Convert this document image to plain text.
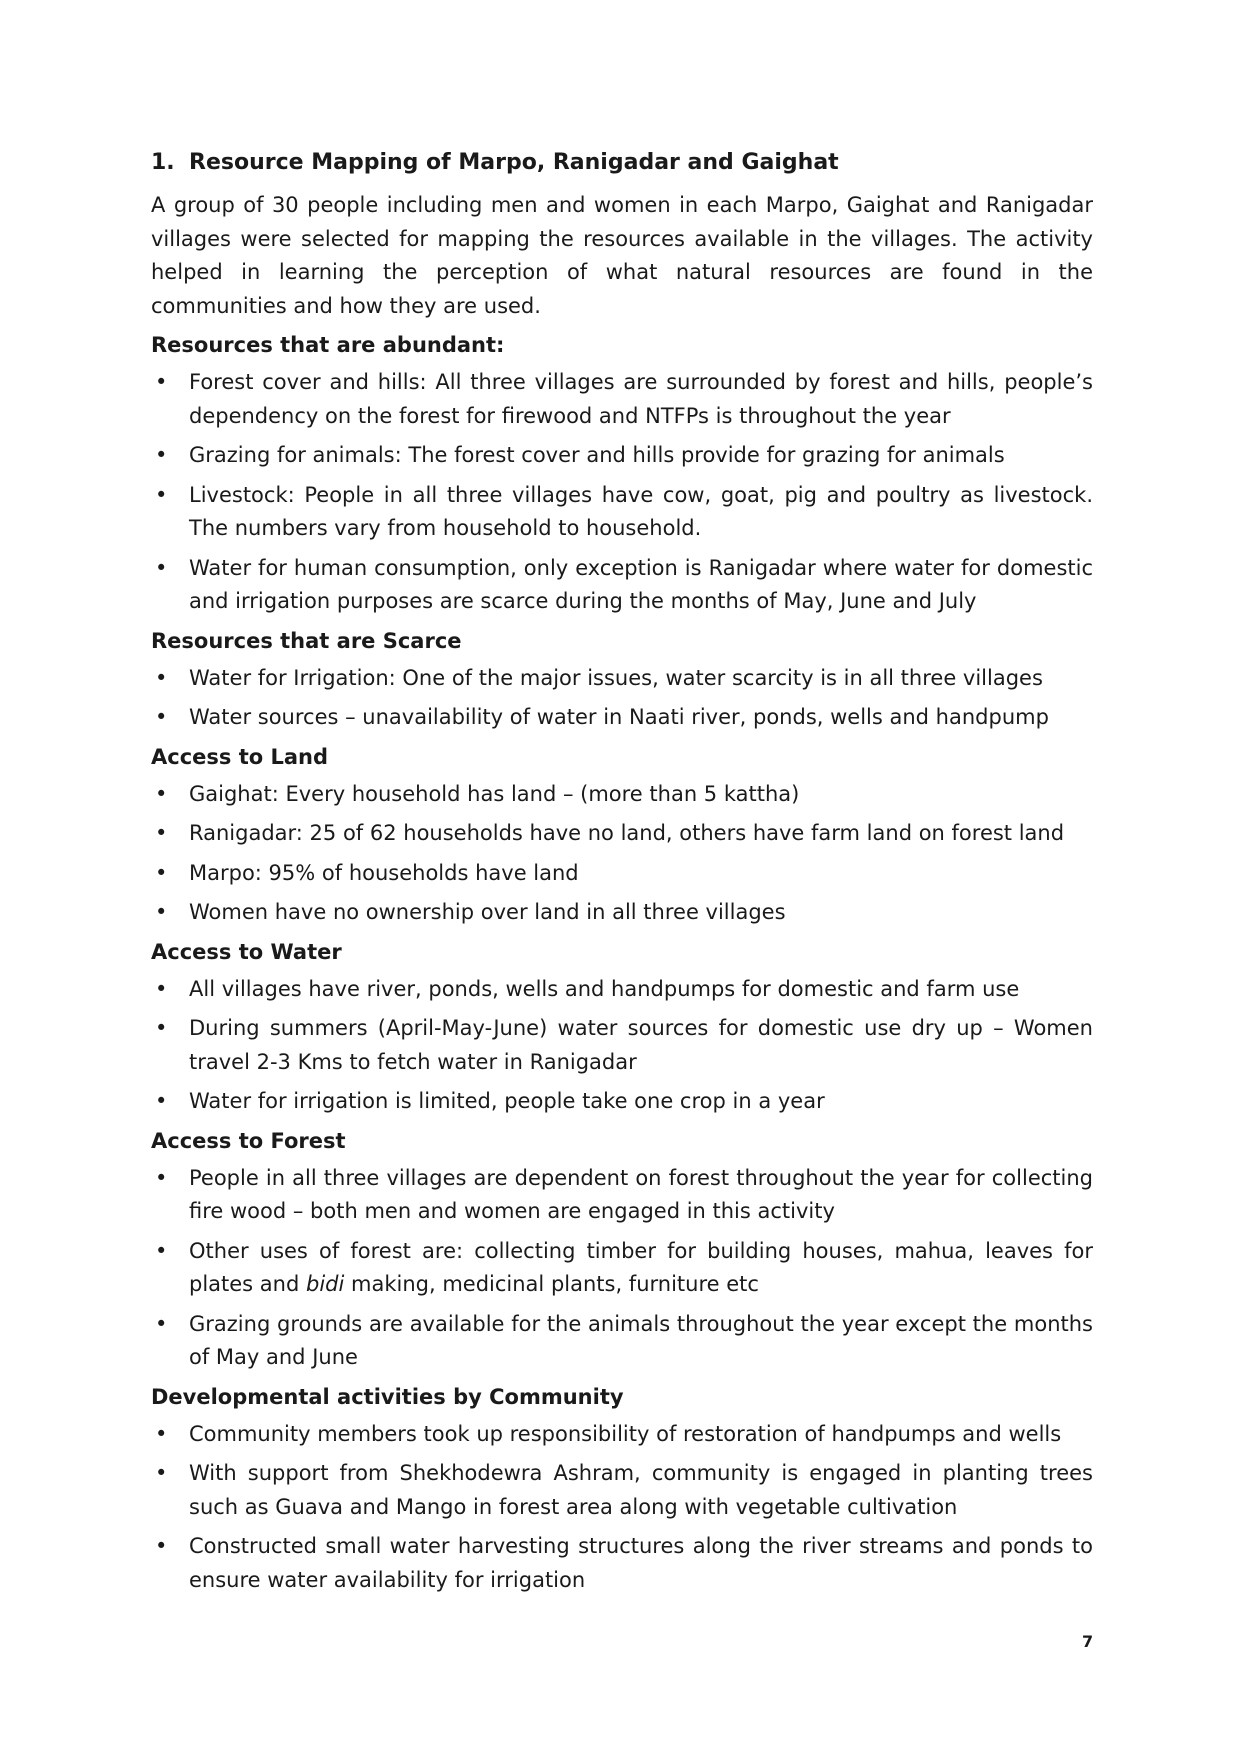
1. Resource Mapping of Marpo, Ranigadar and Gaighat

A group of 30 people including men and women in each Marpo, Gaighat and Ranigadar villages were selected for mapping the resources available in the villages. The activity helped in learning the perception of what natural resources are found in the communities and how they are used.

Resources that are abundant:
• Forest cover and hills: All three villages are surrounded by forest and hills, people’s dependency on the forest for firewood and NTFPs is throughout the year
• Grazing for animals: The forest cover and hills provide for grazing for animals
• Livestock: People in all three villages have cow, goat, pig and poultry as livestock. The numbers vary from household to household.
• Water for human consumption, only exception is Ranigadar where water for domestic and irrigation purposes are scarce during the months of May, June and July
Resources that are Scarce
• Water for Irrigation: One of the major issues, water scarcity is in all three villages
• Water sources – unavailability of water in Naati river, ponds, wells and handpump
Access to Land
• Gaighat: Every household has land – (more than 5 kattha)
• Ranigadar: 25 of 62 households have no land, others have farm land on forest land
• Marpo: 95% of households have land
• Women have no ownership over land in all three villages
Access to Water
• All villages have river, ponds, wells and handpumps for domestic and farm use
• During summers (April-May-June) water sources for domestic use dry up – Women travel 2-3 Kms to fetch water in Ranigadar
• Water for irrigation is limited, people take one crop in a year
Access to Forest
• People in all three villages are dependent on forest throughout the year for collecting fire wood – both men and women are engaged in this activity
• Other uses of forest are: collecting timber for building houses, mahua, leaves for plates and bidi making, medicinal plants, furniture etc
• Grazing grounds are available for the animals throughout the year except the months of May and June
Developmental activities by Community
• Community members took up responsibility of restoration of handpumps and wells
• With support from Shekhodewra Ashram, community is engaged in planting trees such as Guava and Mango in forest area along with vegetable cultivation
• Constructed small water harvesting structures along the river streams and ponds to ensure water availability for irrigation
7
